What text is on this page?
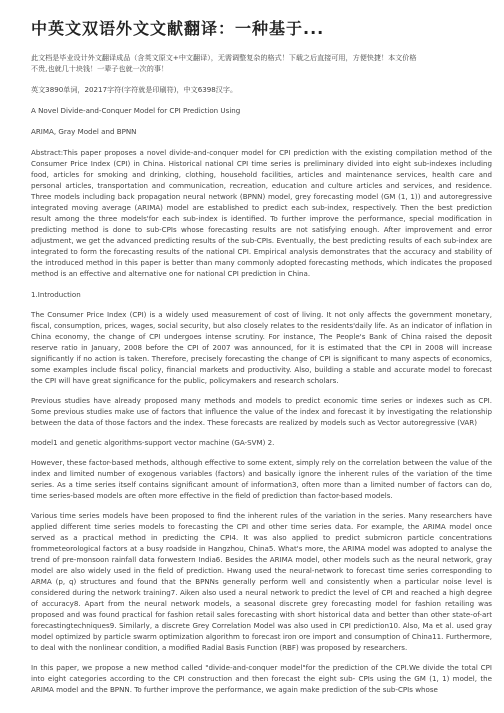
中英文双语外文文献翻译：一种基于...
此文档是毕业设计外文翻译成品（含英文原文+中文翻译），无需调整复杂的格式！下载之后直接可用，方便快捷！本文价格
不贵,也就几十块钱！一辈子也就一次的事！

英文3890单词，20217字符(字符就是印刷符)，中文6398汉字。

A Novel Divide-and-Conquer Model for CPI Prediction Using

ARIMA, Gray Model and BPNN

Abstract:This paper proposes a novel divide-and-conquer model for CPI prediction with the existing compilation method of the Consumer Price Index (CPI) in China. Historical national CPI time series is preliminary divided into eight sub-indexes including food, articles for smoking and drinking, clothing, household facilities, articles and maintenance services, health care and personal articles, transportation and communication, recreation, education and culture articles and services, and residence. Three models including back propagation neural network (BPNN) model, grey forecasting model (GM (1, 1)) and autoregressive integrated moving average (ARIMA) model are established to predict each sub-index, respectively. Then the best prediction result among the three models'for each sub-index is identified. To further improve the performance, special modification in predicting method is done to sub-CPIs whose forecasting results are not satisfying enough. After improvement and error adjustment, we get the advanced predicting results of the sub-CPIs. Eventually, the best predicting results of each sub-index are integrated to form the forecasting results of the national CPI. Empirical analysis demonstrates that the accuracy and stability of the introduced method in this paper is better than many commonly adopted forecasting methods, which indicates the proposed method is an effective and alternative one for national CPI prediction in China.

1.Introduction

The Consumer Price Index (CPI) is a widely used measurement of cost of living. It not only affects the government monetary, fiscal, consumption, prices, wages, social security, but also closely relates to the residents'daily life. As an indicator of inflation in China economy, the change of CPI undergoes intense scrutiny. For instance, The People's Bank of China raised the deposit reserve ratio in January, 2008 before the CPI of 2007 was announced, for it is estimated that the CPI in 2008 will increase significantly if no action is taken. Therefore, precisely forecasting the change of CPI is significant to many aspects of economics, some examples include fiscal policy, financial markets and productivity. Also, building a stable and accurate model to forecast the CPI will have great significance for the public, policymakers and research scholars.

Previous studies have already proposed many methods and models to predict economic time series or indexes such as CPI. Some previous studies make use of factors that influence the value of the index and forecast it by investigating the relationship between the data of those factors and the index. These forecasts are realized by models such as Vector autoregressive (VAR)

model1 and genetic algorithms-support vector machine (GA-SVM) 2.

However, these factor-based methods, although effective to some extent, simply rely on the correlation between the value of the index and limited number of exogenous variables (factors) and basically ignore the inherent rules of the variation of the time series. As a time series itself contains significant amount of information3, often more than a limited number of factors can do, time series-based models are often more effective in the field of prediction than factor-based models.

Various time series models have been proposed to find the inherent rules of the variation in the series. Many researchers have applied different time series models to forecasting the CPI and other time series data. For example, the ARIMA model once served as a practical method in predicting the CPI4. It was also applied to predict submicron particle concentrations frommeteorological factors at a busy roadside in Hangzhou, China5. What's more, the ARIMA model was adopted to analyse the trend of pre-monsoon rainfall data forwestern India6. Besides the ARIMA model, other models such as the neural network, gray model are also widely used in the field of prediction. Hwang used the neural-network to forecast time series corresponding to ARMA (p, q) structures and found that the BPNNs generally perform well and consistently when a particular noise level is considered during the network training7. Aiken also used a neural network to predict the level of CPI and reached a high degree of accuracy8. Apart from the neural network models, a seasonal discrete grey forecasting model for fashion retailing was proposed and was found practical for fashion retail sales forecasting with short historical data and better than other state-of-art forecastingtechniques9. Similarly, a discrete Grey Correlation Model was also used in CPI prediction10. Also, Ma et al. used gray model optimized by particle swarm optimization algorithm to forecast iron ore import and consumption of China11. Furthermore, to deal with the nonlinear condition, a modified Radial Basis Function (RBF) was proposed by researchers.

In this paper, we propose a new method called "divide-and-conquer model"for the prediction of the CPI.We divide the total CPI into eight categories according to the CPI construction and then forecast the eight sub- CPIs using the GM (1, 1) model, the ARIMA model and the BPNN. To further improve the performance, we again make prediction of the sub-CPIs whose
